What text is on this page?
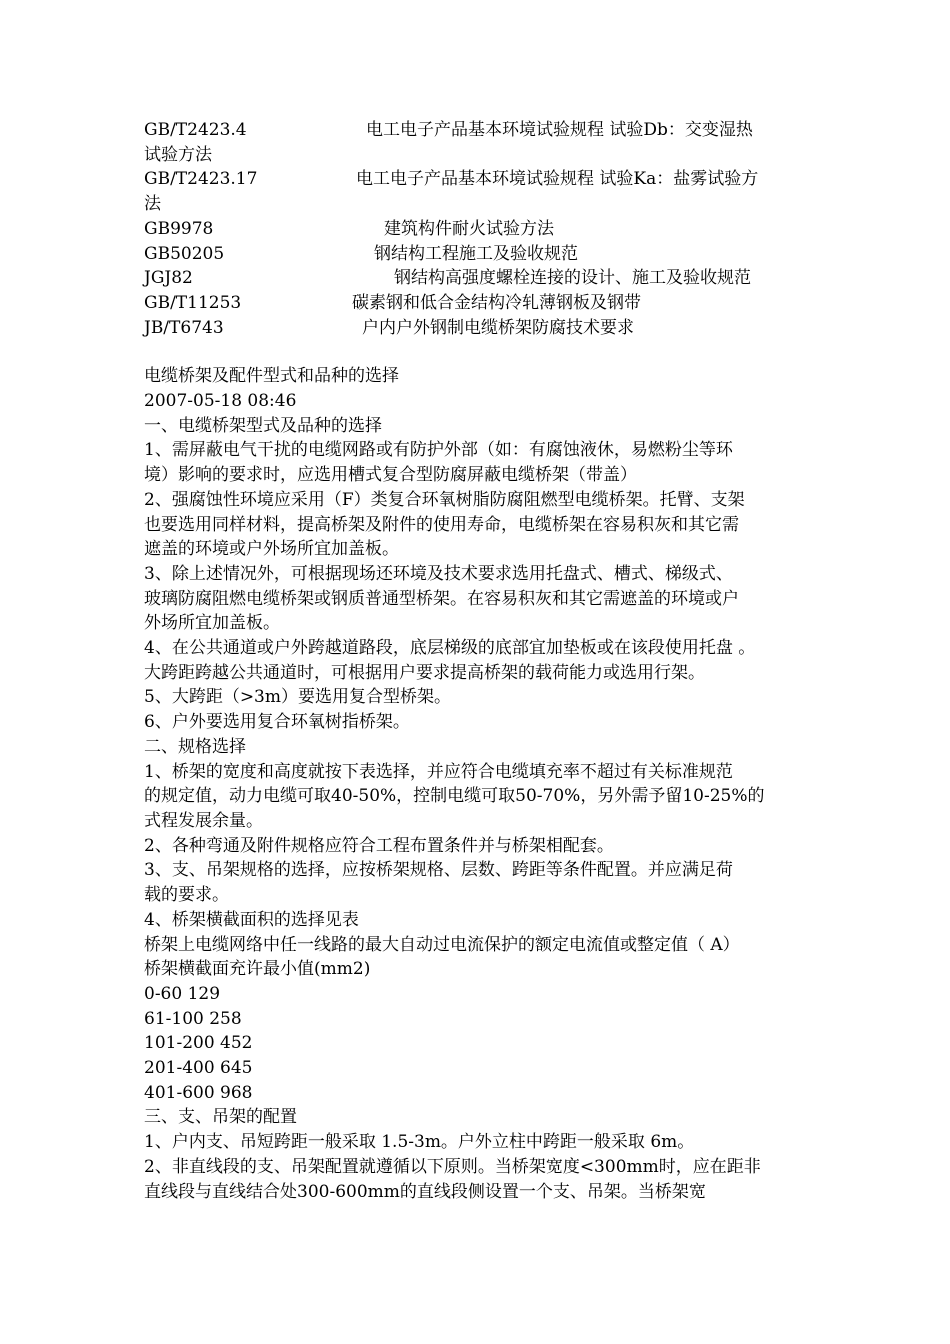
GB/T2423.4	电工电子产品基本环境试验规程 试验Db：交变湿热
试验方法
GB/T2423.17	电工电子产品基本环境试验规程 试验Ka：盐雾试验方
法
GB9978	建筑构件耐火试验方法
GB50205	钢结构工程施工及验收规范
JGJ82	钢结构高强度螺栓连接的设计、施工及验收规范
GB/T11253	碳素钢和低合金结构冷轧薄钢板及钢带
JB/T6743	户内户外钢制电缆桥架防腐技术要求
电缆桥架及配件型式和品种的选择
2007-05-18 08:46
一、电缆桥架型式及品种的选择
1、需屏蔽电气干扰的电缆网路或有防护外部（如：有腐蚀液休，易燃粉尘等环
境）影响的要求时，应选用槽式复合型防腐屏蔽电缆桥架（带盖）
2、强腐蚀性环境应采用（F）类复合环氧树脂防腐阻燃型电缆桥架。托臂、支架
也要选用同样材料，提高桥架及附件的使用寿命，电缆桥架在容易积灰和其它需
遮盖的环境或户外场所宜加盖板。
3、除上述情况外，可根据现场还环境及技术要求选用托盘式、槽式、梯级式、
玻璃防腐阻燃电缆桥架或钢质普通型桥架。在容易积灰和其它需遮盖的环境或户
外场所宜加盖板。
4、在公共通道或户外跨越道路段，底层梯级的底部宜加垫板或在该段使用托盘 。
大跨距跨越公共通道时，可根据用户要求提高桥架的载荷能力或选用行架。
5、大跨距（>3m）要选用复合型桥架。
6、户外要选用复合环氧树指桥架。
二、规格选择
1、桥架的宽度和高度就按下表选择，并应符合电缆填充率不超过有关标准规范
的规定值，动力电缆可取40-50%，控制电缆可取50-70%，另外需予留10-25%的
式程发展余量。
2、各种弯通及附件规格应符合工程布置条件并与桥架相配套。
3、支、吊架规格的选择，应按桥架规格、层数、跨距等条件配置。并应满足荷
载的要求。
4、桥架横截面积的选择见表
桥架上电缆网络中任一线路的最大自动过电流保护的额定电流值或整定值（ A）
桥架横截面充许最小值(mm2)
0-60 129
61-100 258
101-200 452
201-400 645
401-600 968
三、支、吊架的配置
1、户内支、吊短跨距一般采取 1.5-3m。户外立柱中跨距一般采取 6m。
2、非直线段的支、吊架配置就遵循以下原则。当桥架宽度<300mm时，应在距非
直线段与直线结合处300-600mm的直线段侧设置一个支、吊架。当桥架宽
